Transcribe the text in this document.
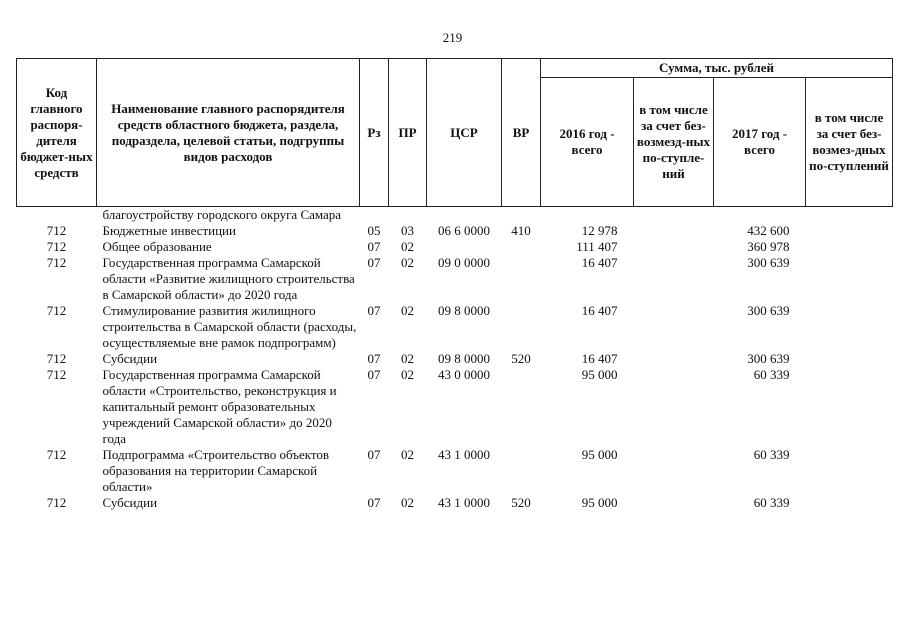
219
Код главного распоря-дителя бюджет-ных средств	Наименование главного распорядителя средств областного бюджета, раздела, подраздела, целевой статьи, подгруппы видов расходов	Рз	ПР	ЦСР	ВР	Сумма, тыс. рублей			
						2016 год - всего	в том числе за счет без-возмезд-ных по-ступле-ний	2017 год - всего	в том числе за счет без-возмез-дных по-ступлений
	благоустройству городского округа Самара								
712	Бюджетные инвестиции	05	03	06 6 0000	410	12 978		432 600	
712	Общее образование	07	02			111 407		360 978	
712	Государственная программа Самарской области «Развитие жилищного строительства в Самарской области» до 2020 года	07	02	09 0 0000		16 407		300 639	
712	Стимулирование развития жилищного строительства в Самарской области (расходы, осуществляемые вне рамок подпрограмм)	07	02	09 8 0000		16 407		300 639	
712	Субсидии	07	02	09 8 0000	520	16 407		300 639	
712	Государственная программа Самарской области «Строительство, реконструкция и капитальный ремонт образовательных учреждений Самарской области» до 2020 года	07	02	43 0 0000		95 000		60 339	
712	Подпрограмма «Строительство объектов образования на территории Самарской области»	07	02	43 1 0000		95 000		60 339	
712	Субсидии	07	02	43 1 0000	520	95 000		60 339	
